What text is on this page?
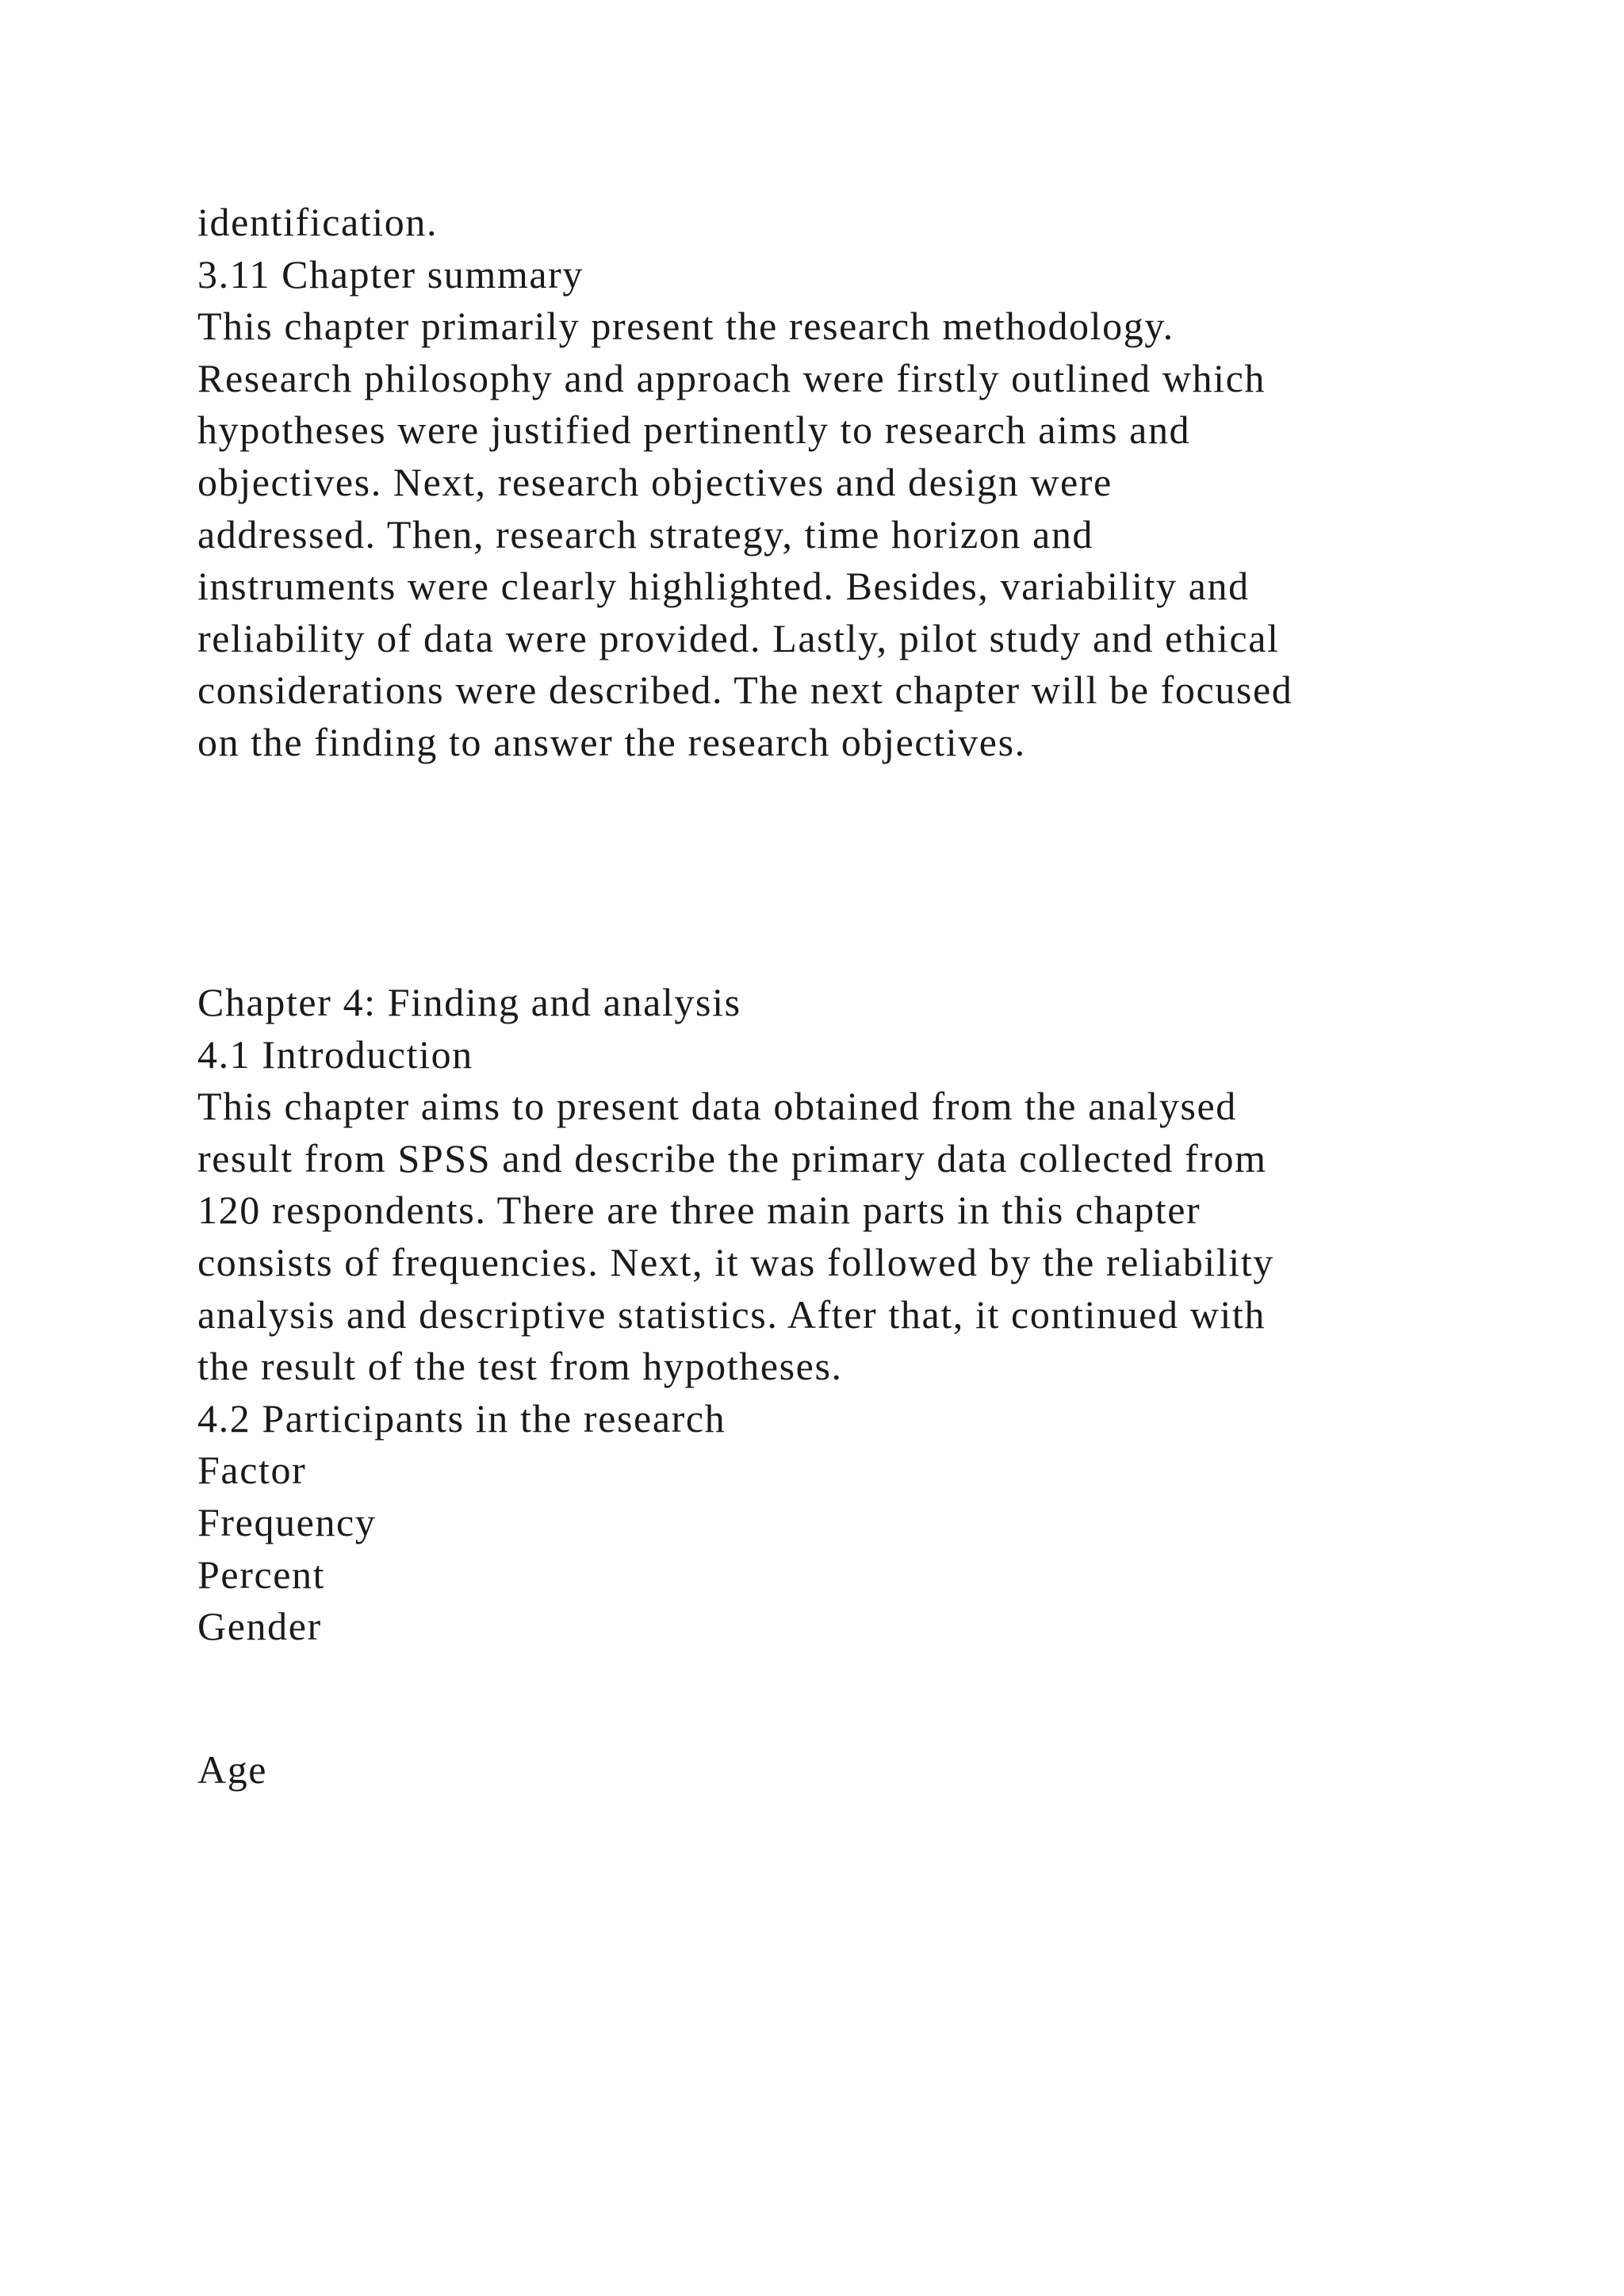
identification.
3.11 Chapter summary
This chapter primarily present the research methodology.
Research philosophy and approach were firstly outlined which
hypotheses were justified pertinently to research aims and
objectives. Next, research objectives and design were
addressed. Then, research strategy, time horizon and
instruments were clearly highlighted. Besides, variability and
reliability of data were provided. Lastly, pilot study and ethical
considerations were described. The next chapter will be focused
on the finding to answer the research objectives.
Chapter 4: Finding and analysis
4.1 Introduction
This chapter aims to present data obtained from the analysed
result from SPSS and describe the primary data collected from
120 respondents. There are three main parts in this chapter
consists of frequencies. Next, it was followed by the reliability
analysis and descriptive statistics. After that, it continued with
the result of the test from hypotheses.
4.2 Participants in the research
Factor
Frequency
Percent
Gender
Age
